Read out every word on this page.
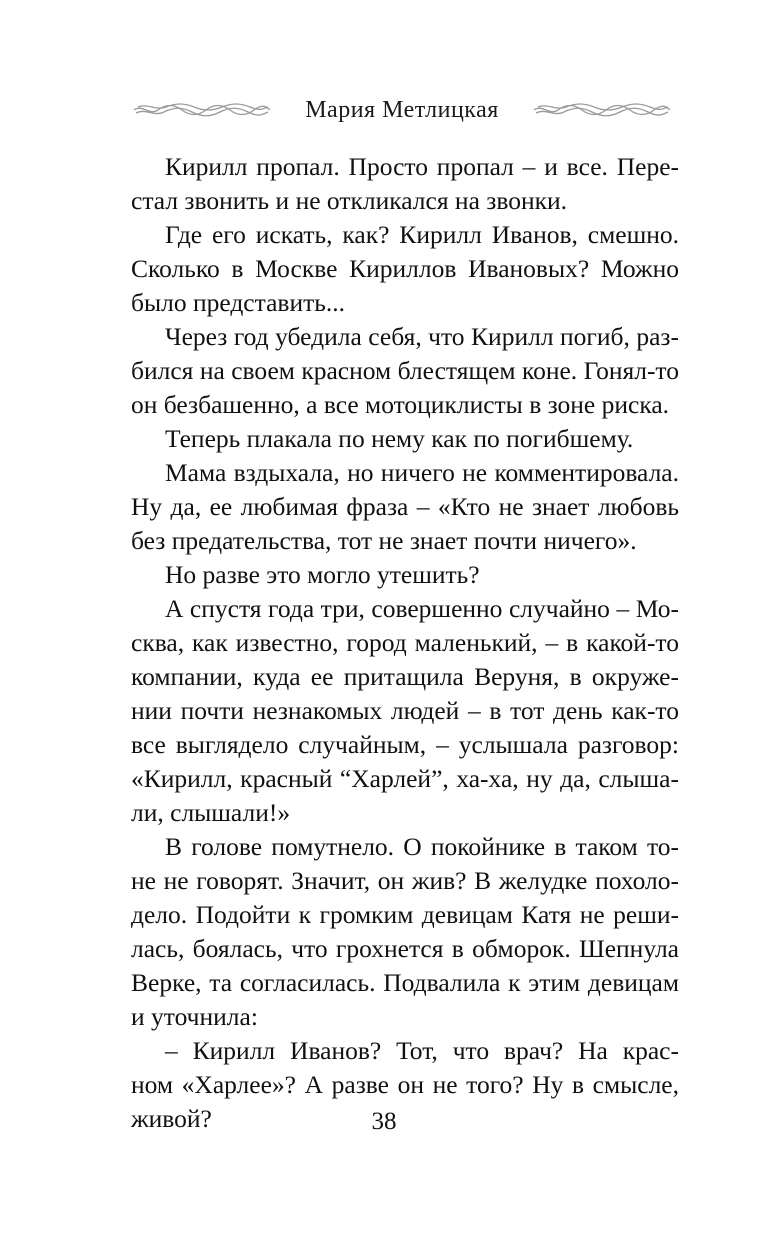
Мария Метлицкая
Кирилл пропал. Просто пропал – и все. Пере-
стал звонить и не откликался на звонки.
Где его искать, как? Кирилл Иванов, смешно.
Сколько в Москве Кириллов Ивановых? Можно
было представить...
Через год убедила себя, что Кирилл погиб, раз-
бился на своем красном блестящем коне. Гонял-то
он безбашенно, а все мотоциклисты в зоне риска.
Теперь плакала по нему как по погибшему.
Мама вздыхала, но ничего не комментировала.
Ну да, ее любимая фраза – «Кто не знает любовь
без предательства, тот не знает почти ничего».
Но разве это могло утешить?
А спустя года три, совершенно случайно – Мо-
сква, как известно, город маленький, – в какой-то
компании, куда ее притащила Веруня, в окруже-
нии почти незнакомых людей – в тот день как-то
все выглядело случайным, – услышала разговор:
«Кирилл, красный “Харлей”, ха-ха, ну да, слышa-
ли, слышали!»
В голове помутнело. О покойнике в таком то-
не не говорят. Значит, он жив? В желудке похоло-
дело. Подойти к громким девицам Катя не реши-
лась, боялась, что грохнется в обморок. Шепнула
Верке, та согласилась. Подвалила к этим девицам
и уточнила:
– Кирилл Иванов? Тот, что врач? На крас-
ном «Харлее»? А разве он не того? Ну в смысле,
живой?	38
